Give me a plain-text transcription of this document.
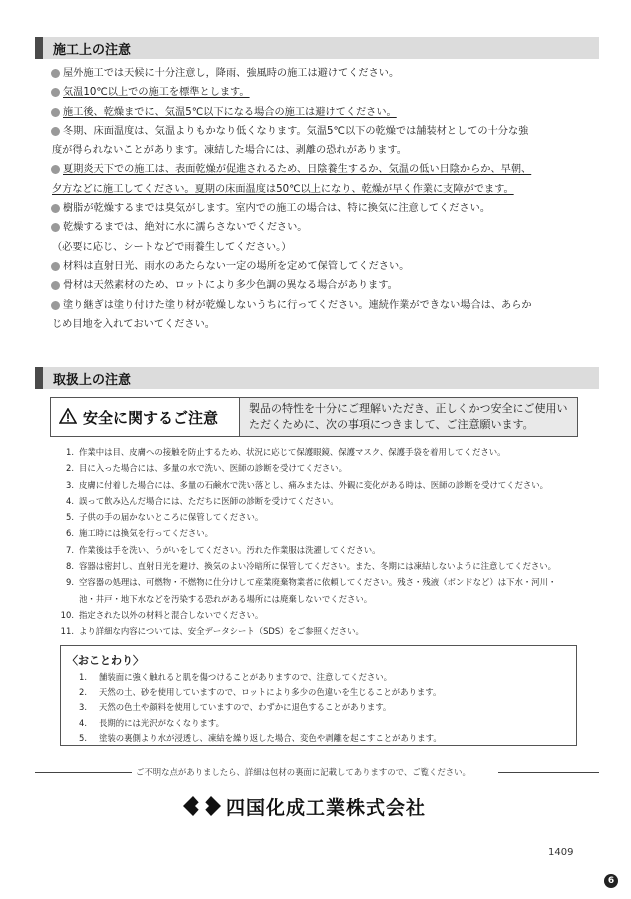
施工上の注意
屋外施工では天候に十分注意し，降雨、強風時の施工は避けてください。
気温10℃以上での施工を標準とします。
施工後、乾燥までに、気温5℃以下になる場合の施工は避けてください。
冬期、床面温度は、気温よりもかなり低くなります。気温5℃以下の乾燥では舗装材としての十分な強
度が得られないことがあります。凍結した場合には、剥離の恐れがあります。
夏期炎天下での施工は、表面乾燥が促進されるため、日陰養生するか、気温の低い日陰からか、早朝、
夕方などに施工してください。夏期の床面温度は50℃以上になり、乾燥が早く作業に支障がでます。
樹脂が乾燥するまでは臭気がします。室内での施工の場合は、特に換気に注意してください。
乾燥するまでは、絶対に水に濡らさないでください。
（必要に応じ、シートなどで雨養生してください。）
材料は直射日光、雨水のあたらない一定の場所を定めて保管してください。
骨材は天然素材のため、ロットにより多少色調の異なる場合があります。
塗り継ぎは塗り付けた塗り材が乾燥しないうちに行ってください。連続作業ができない場合は、あらか
じめ目地を入れておいてください。
取扱上の注意
安全に関するご注意
製品の特性を十分にご理解いただき、正しくかつ安全にご使用いただくために、次の事項につきまして、ご注意願います。
1. 作業中は目、皮膚への接触を防止するため、状況に応じて保護眼鏡、保護マスク、保護手袋を着用してください。
2. 目に入った場合には、多量の水で洗い、医師の診断を受けてください。
3. 皮膚に付着した場合には、多量の石鹸水で洗い落とし、痛みまたは、外観に変化がある時は、医師の診断を受けてください。
4. 誤って飲み込んだ場合には、ただちに医師の診断を受けてください。
5. 子供の手の届かないところに保管してください。
6. 施工時には換気を行ってください。
7. 作業後は手を洗い、うがいをしてください。汚れた作業服は洗濯してください。
8. 容器は密封し、直射日光を避け、換気のよい冷暗所に保管してください。また、冬期には凍結しないように注意してください。
9. 空容器の処理は、可燃物・不燃物に仕分けして産業廃棄物業者に依頼してください。残さ・残液（ボンドなど）は下水・河川・
池・井戸・地下水などを汚染する恐れがある場所には廃棄しないでください。
10. 指定された以外の材料と混合しないでください。
11. より詳細な内容については、安全データシート（SDS）をご参照ください。
〈おことわり〉
1. 舗装面に強く触れると肌を傷つけることがありますので、注意してください。
2. 天然の土、砂を使用していますので、ロットにより多少の色違いを生じることがあります。
3. 天然の色土や顔料を使用していますので、わずかに退色することがあります。
4. 長期的には光沢がなくなります。
5. 塗装の裏側より水が浸透し、凍結を繰り返した場合、変色や剥離を起こすことがあります。
ご不明な点がありましたら、詳細は包材の裏面に記載してありますので、ご覧ください。
四国化成工業株式会社
1409
6
